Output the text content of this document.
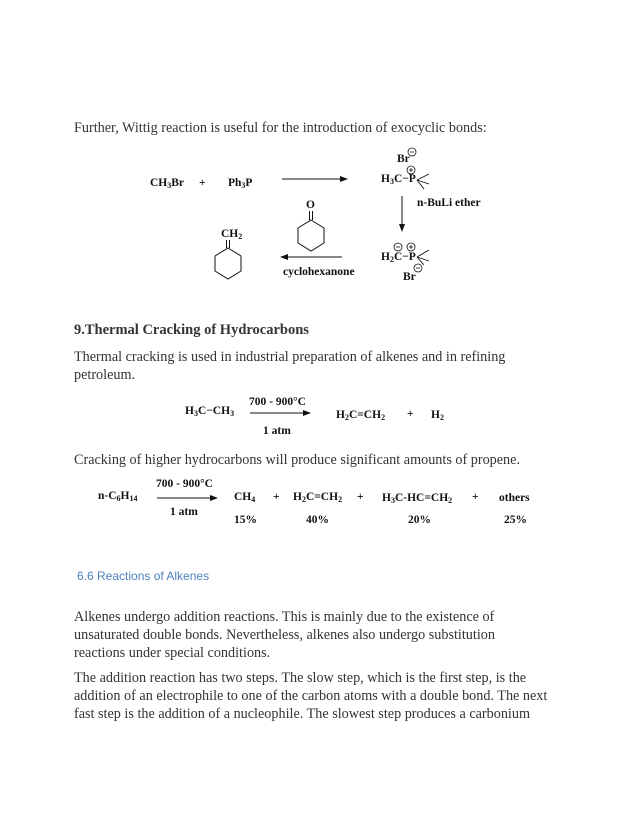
Further, Wittig reaction is useful for the introduction of exocyclic bonds:
$CH_3Br + Ph_3P$
Br
$H_3C-P$
n-BuLi ether
$H_2C-P$
Br
O
cyclohexanone
$CH_2$
9.Thermal Cracking of Hydrocarbons
Thermal cracking is used in industrial preparation of alkenes and in refining petroleum.
$H_3C-CH_3$
700 - 900°C
1 atm
$H_2C=CH_2 + H_2$
Cracking of higher hydrocarbons will produce significant amounts of propene.
$n-C_6H_{14}$
700 - 900°C
1 atm
$CH_4$
15%
+ $H_2C=CH_2$
40%
+ $H_3C-HC=CH_2$
20%
+ others
25%
6.6 Reactions of Alkenes
Alkenes undergo addition reactions. This is mainly due to the existence of unsaturated double bonds. Nevertheless, alkenes also undergo substitution reactions under special conditions.
The addition reaction has two steps. The slow step, which is the first step, is the addition of an electrophile to one of the carbon atoms with a double bond. The next fast step is the addition of a nucleophile. The slowest step produces a carbonium
